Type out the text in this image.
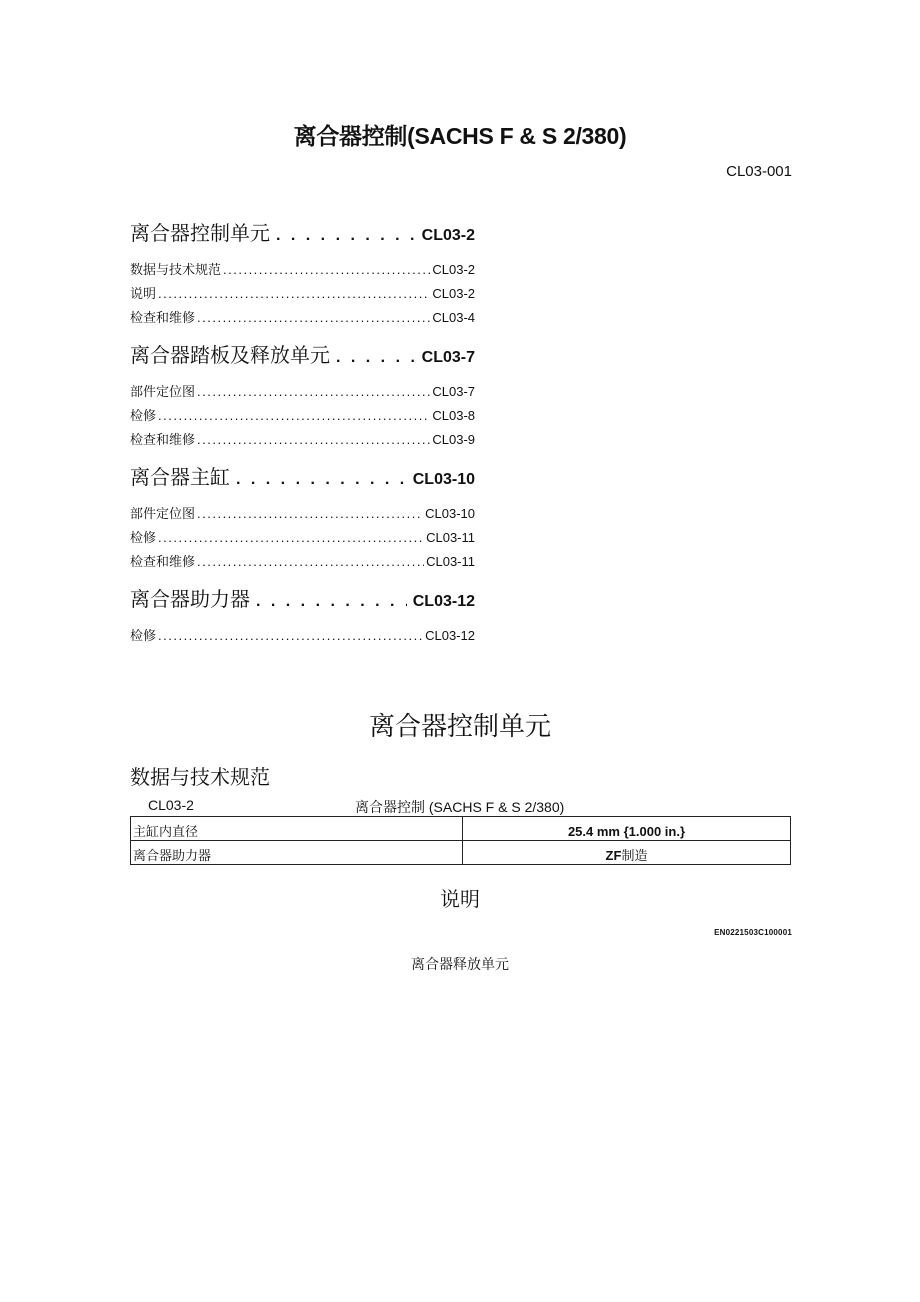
离合器控制(SACHS F & S 2/380)
CL03-001
离合器控制单元 . . .	CL03-2
数据与技术规范 .....	CL03-2
说明 .....	CL03-2
检查和维修 .....	CL03-4
离合器踏板及释放单元 . . .	CL03-7
部件定位图 .....	CL03-7
检修 .....	CL03-8
检查和维修 .....	CL03-9
离合器主缸 . . .	CL03-10
部件定位图 .....	CL03-10
检修 .....	CL03-11
检查和维修 .....	CL03-11
离合器助力器 . . .	CL03-12
检修 .....	CL03-12
离合器控制单元
数据与技术规范
CL03-2	离合器控制 (SACHS F & S 2/380)
主缸内直径	25.4 mm {1.000 in.}
离合器助力器	ZF制造
说明
EN0221503C100001
离合器释放单元
